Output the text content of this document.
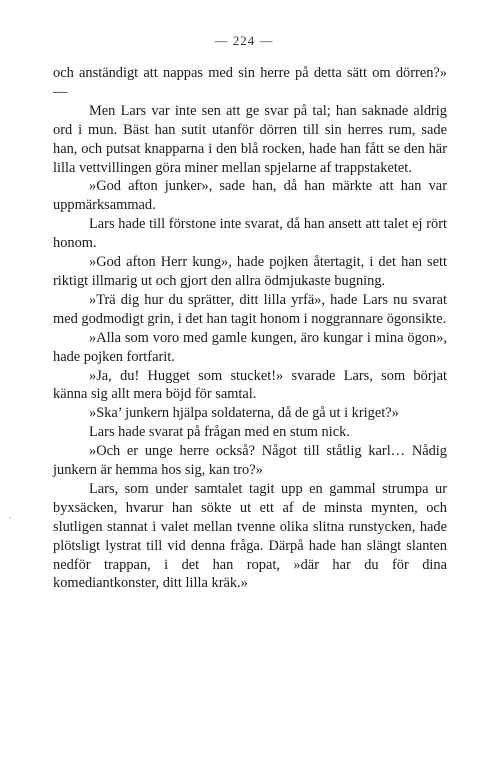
— 224 —

och anständigt att nappas med sin herre på detta sätt om dörren?» —

Men Lars var inte sen att ge svar på tal; han saknade aldrig ord i mun. Bäst han sutit utanför dörren till sin herres rum, sade han, och putsat knapparna i den blå rocken, hade han fått se den här lilla vettvillingen göra miner mellan spjelarne af trappstaketet.

»God afton junker», sade han, då han märkte att han var uppmärksammad.

Lars hade till förstone inte svarat, då han ansett att talet ej rört honom.

»God afton Herr kung», hade pojken återtagit, i det han sett riktigt illmarig ut och gjort den allra ödmjukaste bugning.

»Trä dig hur du sprätter, ditt lilla yrfä», hade Lars nu svarat med godmodigt grin, i det han tagit honom i noggrannare ögonsikte.

»Alla som voro med gamle kungen, äro kungar i mina ögon», hade pojken fortfarit.

»Ja, du! Hugget som stucket!» svarade Lars, som börjat känna sig allt mera böjd för samtal.

»Ska’ junkern hjälpa soldaterna, då de gå ut i kriget?»

Lars hade svarat på frågan med en stum nick.

»Och er unge herre också? Något till ståtlig karl… Nådig junkern är hemma hos sig, kan tro?»

Lars, som under samtalet tagit upp en gammal strumpa ur byxsäcken, hvarur han sökte ut ett af de minsta mynten, och slutligen stannat i valet mellan tvenne olika slitna runstycken, hade plötsligt lystrat till vid denna fråga. Därpå hade han slängt slanten nedför trappan, i det han ropat, »där har du för dina komediantkonster, ditt lilla kräk.»

ˈ
